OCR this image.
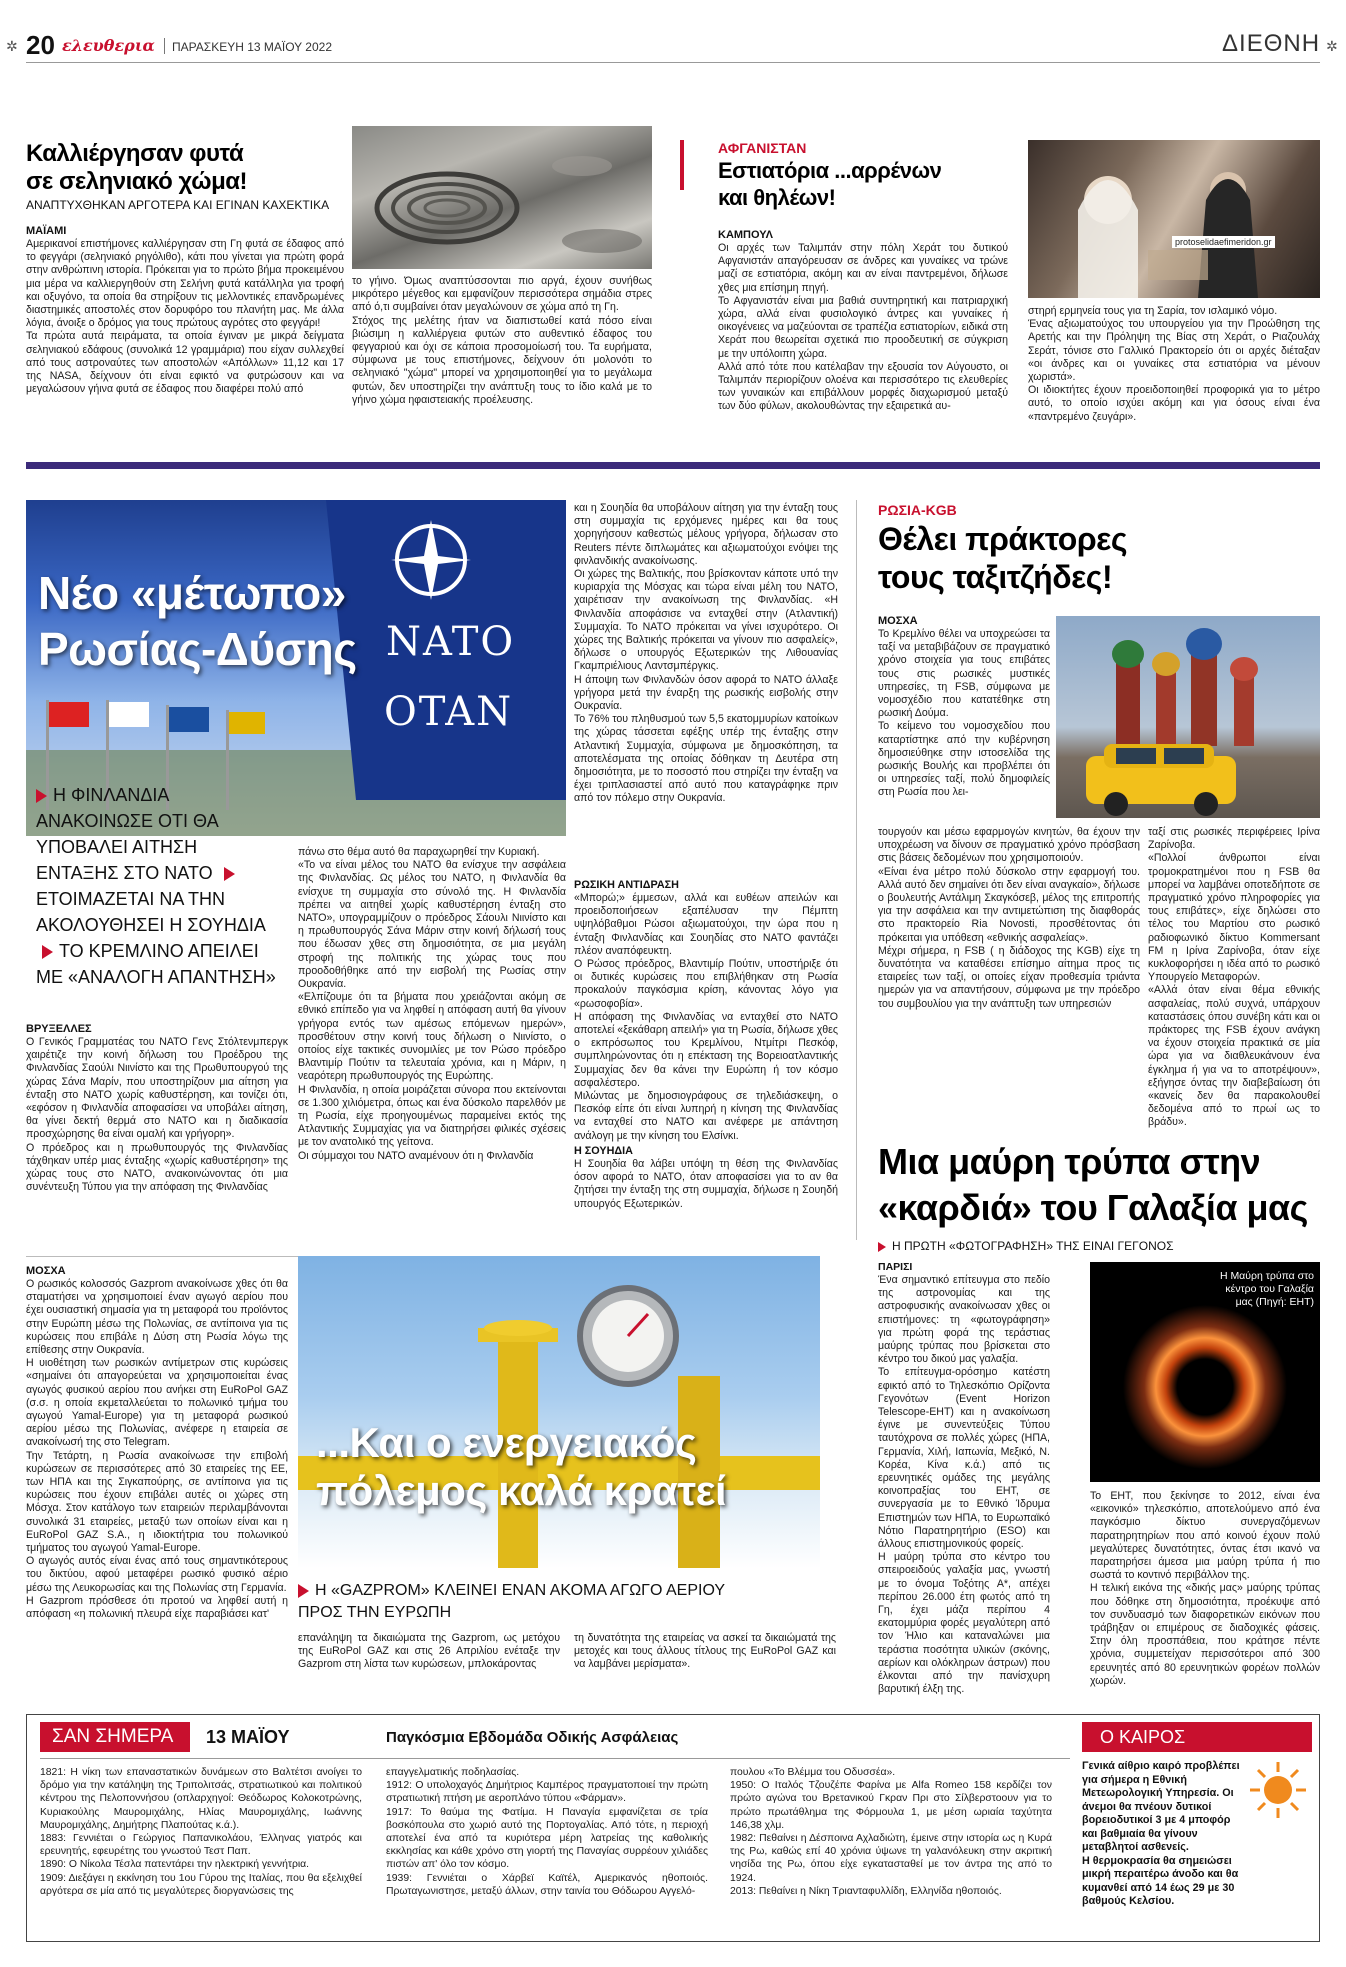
✲	✲
20 ελευθερια ΠΑΡΑΣΚΕΥΗ 13 ΜΑΪΟΥ 2022	ΔΙΕΘΝΗ
Καλλιέργησαν φυτά
σε σεληνιακό χώμα!
ΑΝΑΠΤΥΧΘΗΚΑΝ ΑΡΓΟΤΕΡΑ ΚΑΙ ΕΓΙΝΑΝ ΚΑΧΕΚΤΙΚΑ
ΜΑΪΑΜΙ
Αμερικανοί επιστήμονες καλλιέργησαν στη Γη φυτά σε έδαφος από το φεγγάρι (σεληνιακό ρηγόλιθο), κάτι που γίνεται για πρώτη φορά στην ανθρώπινη ιστορία. Πρόκειται για το πρώτο βήμα προκειμένου μια μέρα να καλλιεργηθούν στη Σελήνη φυτά κατάλληλα για τροφή και οξυγόνο, τα οποία θα στηρίξουν τις μελλοντικές επανδρωμένες διαστημικές αποστολές στον δορυφόρο του πλανήτη μας. Με άλλα λόγια, άνοιξε ο δρόμος για τους πρώτους αγρότες στο φεγγάρι!
Τα πρώτα αυτά πειράματα, τα οποία έγιναν με μικρά δείγματα σεληνιακού εδάφους (συνολικά 12 γραμμάρια) που είχαν συλλεχθεί από τους αστροναύτες των αποστολών «Απόλλων» 11,12 και 17 της NASA, δείχνουν ότι είναι εφικτό να φυτρώσουν και να μεγαλώσουν γήινα φυτά σε έδαφος που διαφέρει πολύ από
το γήινο. Όμως αναπτύσσονται πιο αργά, έχουν συνήθως μικρότερο μέγεθος και εμφανίζουν περισσότερα σημάδια στρες από ό,τι συμβαίνει όταν μεγαλώνουν σε χώμα από τη Γη.
Στόχος της μελέτης ήταν να διαπιστωθεί κατά πόσο είναι βιώσιμη η καλλιέργεια φυτών στο αυθεντικό έδαφος του φεγγαριού και όχι σε κάποια προσομοίωσή του. Τα ευρήματα, σύμφωνα με τους επιστήμονες, δείχνουν ότι μολονότι το σεληνιακό "χώμα" μπορεί να χρησιμοποιηθεί για το μεγάλωμα φυτών, δεν υποστηρίζει την ανάπτυξη τους το ίδιο καλά με το γήινο χώμα ηφαιστειακής προέλευσης.
ΑΦΓΑΝΙΣΤΑΝ
Εστιατόρια ...αρρένων
και θηλέων!
ΚΑΜΠΟΥΛ
Οι αρχές των Ταλιμπάν στην πόλη Χεράτ του δυτικού Αφγανιστάν απαγόρευσαν σε άνδρες και γυναίκες να τρώνε μαζί σε εστιατόρια, ακόμη και αν είναι παντρεμένοι, δήλωσε χθες μια επίσημη πηγή.
Το Αφγανιστάν είναι μια βαθιά συντηρητική και πατριαρχική χώρα, αλλά είναι φυσιολογικό άντρες και γυναίκες ή οικογένειες να μαζεύονται σε τραπέζια εστιατορίων, ειδικά στη Χεράτ που θεωρείται σχετικά πιο προοδευτική σε σύγκριση με την υπόλοιπη χώρα.
Αλλά από τότε που κατέλαβαν την εξουσία τον Αύγουστο, οι Ταλιμπάν περιορίζουν ολοένα και περισσότερο τις ελευθερίες των γυναικών και επιβάλλουν μορφές διαχωρισμού μεταξύ των δύο φύλων, ακολουθώντας την εξαιρετικά αυ-
protoselidaefimeridon.gr
στηρή ερμηνεία τους για τη Σαρία, τον ισλαμικό νόμο.
Ένας αξιωματούχος του υπουργείου για την Προώθηση της Αρετής και την Πρόληψη της Βίας στη Χεράτ, ο Ριαζουλάχ Σεράτ, τόνισε στο Γαλλικό Πρακτορείο ότι οι αρχές διέταξαν «οι άνδρες και οι γυναίκες στα εστιατόρια να μένουν χωριστά».
Οι ιδιοκτήτες έχουν προειδοποιηθεί προφορικά για το μέτρο αυτό, το οποίο ισχύει ακόμη και για όσους είναι ένα «παντρεμένο ζευγάρι».
NATO
OTAN
Νέο «μέτωπο»
Ρωσίας-Δύσης
Η ΦΙΝΛΑΝΔΙΑ ΑΝΑΚΟΙΝΩΣΕ ΟΤΙ ΘΑ ΥΠΟΒΑΛΕΙ ΑΙΤΗΣΗ ΕΝΤΑΞΗΣ ΣΤΟ ΝΑΤΟ ΕΤΟΙΜΑΖΕΤΑΙ ΝΑ ΤΗΝ ΑΚΟΛΟΥΘΗΣΕΙ Η ΣΟΥΗΔΙΑ ΤΟ ΚΡΕΜΛΙΝΟ ΑΠΕΙΛΕΙ ΜΕ «ΑΝΑΛΟΓΗ ΑΠΑΝΤΗΣΗ»
ΒΡΥΞΕΛΛΕΣ
Ο Γενικός Γραμματέας του ΝΑΤΟ Γενς Στόλτενμπεργκ χαιρέτιζε την κοινή δήλωση του Προέδρου της Φινλανδίας Σαούλι Νιινίστο και της Πρωθυπουργού της χώρας Σάνα Μαρίν, που υποστηρίζουν μια αίτηση για ένταξη στο ΝΑΤΟ χωρίς καθυστέρηση, και τονίζει ότι, «εφόσον η Φινλανδία αποφασίσει να υποβάλει αίτηση, θα γίνει δεκτή θερμά στο ΝΑΤΟ και η διαδικασία προσχώρησης θα είναι ομαλή και γρήγορη».
Ο πρόεδρος και η πρωθυπουργός της Φινλανδίας τάχθηκαν υπέρ μιας ένταξης «χωρίς καθυστέρηση» της χώρας τους στο ΝΑΤΟ, ανακοινώνοντας ότι μια συνέντευξη Τύπου για την απόφαση της Φινλανδίας
πάνω στο θέμα αυτό θα παραχωρηθεί την Κυριακή.
«Το να είναι μέλος του ΝΑΤΟ θα ενίσχυε την ασφάλεια της Φινλανδίας. Ως μέλος του ΝΑΤΟ, η Φινλανδία θα ενίσχυε τη συμμαχία στο σύνολό της. Η Φινλανδία πρέπει να αιτηθεί χωρίς καθυστέρηση ένταξη στο ΝΑΤΟ», υπογραμμίζουν ο πρόεδρος Σάουλι Νιινίστο και η πρωθυπουργός Σάνα Μάριν στην κοινή δήλωσή τους που έδωσαν χθες στη δημοσιότητα, σε μια μεγάλη στροφή της πολιτικής της χώρας τους που προοδοθήθηκε από την εισβολή της Ρωσίας στην Ουκρανία.
«Ελπίζουμε ότι τα βήματα που χρειάζονται ακόμη σε εθνικό επίπεδο για να ληφθεί η απόφαση αυτή θα γίνουν γρήγορα εντός των αμέσως επόμενων ημερών», προσθέτουν στην κοινή τους δήλωση ο Νιινίστο, ο οποίος είχε τακτικές συνομιλίες με τον Ρώσο πρόεδρο Βλαντιμίρ Πούτιν τα τελευταία χρόνια, και η Μάριν, η νεαρότερη πρωθυπουργός της Ευρώπης.
Η Φινλανδία, η οποία μοιράζεται σύνορα που εκτείνονται σε 1.300 χιλιόμετρα, όπως και ένα δύσκολο παρελθόν με τη Ρωσία, είχε προηγουμένως παραμείνει εκτός της Ατλαντικής Συμμαχίας για να διατηρήσει φιλικές σχέσεις με τον ανατολικό της γείτονα.
Οι σύμμαχοι του ΝΑΤΟ αναμένουν ότι η Φινλανδία
και η Σουηδία θα υποβάλουν αίτηση για την ένταξη τους στη συμμαχία τις ερχόμενες ημέρες και θα τους χορηγήσουν καθεστώς μέλους γρήγορα, δήλωσαν στο Reuters πέντε διπλωμάτες και αξιωματούχοι ενόψει της φινλανδικής ανακοίνωσης.
Οι χώρες της Βαλτικής, που βρίσκονταν κάποτε υπό την κυριαρχία της Μόσχας και τώρα είναι μέλη του ΝΑΤΟ, χαιρέτισαν την ανακοίνωση της Φινλανδίας. «Η Φινλανδία αποφάσισε να ενταχθεί στην (Ατλαντική) Συμμαχία. Το ΝΑΤΟ πρόκειται να γίνει ισχυρότερο. Οι χώρες της Βαλτικής πρόκειται να γίνουν πιο ασφαλείς», δήλωσε ο υπουργός Εξωτερικών της Λιθουανίας Γκαμπριέλιους Λαντσμπέργκις.
Η άποψη των Φινλανδών όσον αφορά το ΝΑΤΟ άλλαξε γρήγορα μετά την έναρξη της ρωσικής εισβολής στην Ουκρανία.
Το 76% του πληθυσμού των 5,5 εκατομμυρίων κατοίκων της χώρας τάσσεται εφέξης υπέρ της ένταξης στην Ατλαντική Συμμαχία, σύμφωνα με δημοσκόπηση, τα αποτελέσματα της οποίας δόθηκαν τη Δευτέρα στη δημοσιότητα, με το ποσοστό που στηρίζει την ένταξη να έχει τριπλασιαστεί από αυτό που καταγράφηκε πριν από τον πόλεμο στην Ουκρανία.
ΡΩΣΙΚΗ ΑΝΤΙΔΡΑΣΗ
«Μπορώ;» έμμεσων, αλλά και ευθέων απειλών και προειδοποιήσεων εξαπέλυσαν την Πέμπτη υψηλόβαθμοι Ρώσοι αξιωματούχοι, την ώρα που η ένταξη Φινλανδίας και Σουηδίας στο ΝΑΤΟ φαντάζει πλέον αναπόφευκτη.
Ο Ρώσος πρόεδρος, Βλαντιμίρ Πούτιν, υποστήριξε ότι οι δυτικές κυρώσεις που επιβλήθηκαν στη Ρωσία προκαλούν παγκόσμια κρίση, κάνοντας λόγο για «ρωσοφοβία».
Η απόφαση της Φινλανδίας να ενταχθεί στο ΝΑΤΟ αποτελεί «ξεκάθαρη απειλή» για τη Ρωσία, δήλωσε χθες ο εκπρόσωπος του Κρεμλίνου, Ντμίτρι Πεσκόφ, συμπληρώνοντας ότι η επέκταση της Βορειοατλαντικής Συμμαχίας δεν θα κάνει την Ευρώπη ή τον κόσμο ασφαλέστερο.
Μιλώντας με δημοσιογράφους σε τηλεδιάσκεψη, ο Πεσκόφ είπε ότι είναι λυπηρή η κίνηση της Φινλανδίας να ενταχθεί στο ΝΑΤΟ και ανέφερε με απάντηση ανάλογη με την κίνηση του Ελσίνκι.
Η ΣΟΥΗΔΙΑ
Η Σουηδία θα λάβει υπόψη τη θέση της Φινλανδίας όσον αφορά το ΝΑΤΟ, όταν αποφασίσει για το αν θα ζητήσει την ένταξη της στη συμμαχία, δήλωσε η Σουηδή υπουργός Εξωτερικών.
ΡΩΣΙΑ-KGB
Θέλει πράκτορες
τους ταξιτζήδες!
ΜΟΣΧΑ
Το Κρεμλίνο θέλει να υποχρεώσει τα ταξί να μεταβιβάζουν σε πραγματικό χρόνο στοιχεία για τους επιβάτες τους στις ρωσικές μυστικές υπηρεσίες, τη FSB, σύμφωνα με νομοσχέδιο που κατατέθηκε στη ρωσική Δούμα.
Το κείμενο του νομοσχεδίου που καταρτίστηκε από την κυβέρνηση δημοσιεύθηκε στην ιστοσελίδα της ρωσικής Βουλής και προβλέπει ότι οι υπηρεσίες ταξί, πολύ δημοφιλείς στη Ρωσία που λει-
τουργούν και μέσω εφαρμογών κινητών, θα έχουν την υποχρέωση να δίνουν σε πραγματικό χρόνο πρόσβαση στις βάσεις δεδομένων που χρησιμοποιούν.
«Είναι ένα μέτρο πολύ δύσκολο στην εφαρμογή του. Αλλά αυτό δεν σημαίνει ότι δεν είναι αναγκαίο», δήλωσε ο βουλευτής Αντάλιμη Σκαγκόσεβ, μέλος της επιτροπής για την ασφάλεια και την αντιμετώπιση της διαφθοράς στο πρακτορείο Ria Novosti, προσθέτοντας ότι πρόκειται για υπόθεση «εθνικής ασφαλείας».
Μέχρι σήμερα, η FSB ( η διάδοχος της KGB) είχε τη δυνατότητα να καταθέσει επίσημο αίτημα προς τις εταιρείες των ταξί, οι οποίες είχαν προθεσμία τριάντα ημερών για να απαντήσουν, σύμφωνα με την πρόεδρο του συμβουλίου για την ανάπτυξη των υπηρεσιών
ταξί στις ρωσικές περιφέρειες Ιρίνα Ζαρίνοβα.
«Πολλοί άνθρωποι είναι τρομοκρατημένοι που η FSB θα μπορεί να λαμβάνει οποτεδήποτε σε πραγματικό χρόνο πληροφορίες για τους επιβάτες», είχε δηλώσει στο τέλος του Μαρτίου στο ρωσικό ραδιοφωνικό δίκτυο Kommersant FM η Ιρίνα Ζαρίνοβα, όταν είχε κυκλοφορήσει η ιδέα από το ρωσικό Υπουργείο Μεταφορών.
«Αλλά όταν είναι θέμα εθνικής ασφαλείας, πολύ συχνά, υπάρχουν καταστάσεις όπου συνέβη κάτι και οι πράκτορες της FSB έχουν ανάγκη να έχουν στοιχεία πρακτικά σε μία ώρα για να διαθλευκάνουν ένα έγκλημα ή για να το αποτρέψουν», εξήγησε όντας την διαβεβαίωση ότι «κανείς δεν θα παρακολουθεί δεδομένα από το πρωί ως το βράδυ».
Μια μαύρη τρύπα στην
«καρδιά» του Γαλαξία μας
Η ΠΡΩΤΗ «ΦΩΤΟΓΡΑΦΗΣΗ» ΤΗΣ ΕΙΝΑΙ ΓΕΓΟΝΟΣ
ΠΑΡΙΣΙ
Ένα σημαντικό επίτευγμα στο πεδίο της αστρονομίας και της αστροφυσικής ανακοίνωσαν χθες οι επιστήμονες: τη «φωτογράφηση» για πρώτη φορά της τεράστιας μαύρης τρύπας που βρίσκεται στο κέντρο του δικού μας γαλαξία.
Το επίτευγμα-ορόσημο κατέστη εφικτό από το Τηλεσκόπιο Ορίζοντα Γεγονότων (Event Horizon Telescope-EHT) και η ανακοίνωση έγινε με συνεντεύξεις Τύπου ταυτόχρονα σε πολλές χώρες (ΗΠΑ, Γερμανία, Χιλή, Ιαπωνία, Μεξικό, Ν. Κορέα, Κίνα κ.ά.) από τις ερευνητικές ομάδες της μεγάλης κοινοπραξίας του EHT, σε συνεργασία με το Εθνικό Ίδρυμα Επιστημών των ΗΠΑ, το Ευρωπαϊκό Νότιο Παρατηρητήριο (ESO) και άλλους επιστημονικούς φορείς.
Η μαύρη τρύπα στο κέντρο του σπειροειδούς γαλαξία μας, γνωστή με το όνομα Τοξότης Α*, απέχει περίπου 26.000 έτη φωτός από τη Γη, έχει μάζα περίπου 4 εκατομμύρια φορές μεγαλύτερη από τον Ήλιο και καταναλώνει μια τεράστια ποσότητα υλικών (σκόνης, αερίων και ολόκληρων άστρων) που έλκονται από την πανίσχυρη βαρυτική έλξη της.
Η Μαύρη τρύπα στο κέντρο του Γαλαξία μας (Πηγή: EHT)
Το EHT, που ξεκίνησε το 2012, είναι ένα «εικονικό» τηλεσκόπιο, αποτελούμενο από ένα παγκόσμιο δίκτυο συνεργαζόμενων παρατηρητηρίων που από κοινού έχουν πολύ μεγαλύτερες δυνατότητες, όντας έτσι ικανό να παρατηρήσει άμεσα μια μαύρη τρύπα ή πιο σωστά το κοντινό περιβάλλον της.
Η τελική εικόνα της «δικής μας» μαύρης τρύπας που δόθηκε στη δημοσιότητα, προέκυψε από τον συνδυασμό των διαφορετικών εικόνων που τράβηξαν οι επιμέρους σε διαδοχικές φάσεις. Στην όλη προσπάθεια, που κράτησε πέντε χρόνια, συμμετείχαν περισσότεροι από 300 ερευνητές από 80 ερευνητικών φορέων πολλών χωρών.
ΜΟΣΧΑ
Ο ρωσικός κολοσσός Gazprom ανακοίνωσε χθες ότι θα σταματήσει να χρησιμοποιεί έναν αγωγό αερίου που έχει ουσιαστική σημασία για τη μεταφορά του προϊόντος στην Ευρώπη μέσω της Πολωνίας, σε αντίποινα για τις κυρώσεις που επιβάλε η Δύση στη Ρωσία λόγω της επίθεσης στην Ουκρανία.
Η υιοθέτηση των ρωσικών αντίμετρων στις κυρώσεις «σημαίνει ότι απαγορεύεται να χρησιμοποιείται ένας αγωγός φυσικού αερίου που ανήκει στη EuRoPol GAZ (σ.σ. η οποία εκμεταλλεύεται το πολωνικό τμήμα του αγωγού Yamal-Europe) για τη μεταφορά ρωσικού αερίου μέσω της Πολωνίας, ανέφερε η εταιρεία σε ανακοίνωσή της στο Telegram.
Την Τετάρτη, η Ρωσία ανακοίνωσε την επιβολή κυρώσεων σε περισσότερες από 30 εταιρείες της ΕΕ, των ΗΠΑ και της Σιγκαπούρης, σε αντίποινα για τις κυρώσεις που έχουν επιβάλει αυτές οι χώρες στη Μόσχα. Στον κατάλογο των εταιρειών περιλαμβάνονται συνολικά 31 εταιρείες, μεταξύ των οποίων είναι και η EuRoPol GAZ S.A., η ιδιοκτήτρια του πολωνικού τμήματος του αγωγού Yamal-Europe.
Ο αγωγός αυτός είναι ένας από τους σημαντικότερους του δικτύου, αφού μεταφέρει ρωσικό φυσικό αέριο μέσω της Λευκορωσίας και της Πολωνίας στη Γερμανία.
Η Gazprom πρόσθεσε ότι προτού να ληφθεί αυτή η απόφαση «η πολωνική πλευρά είχε παραβιάσει κατ'
...Και ο ενεργειακός
πόλεμος καλά κρατεί
Η «GAZPROM» ΚΛΕΙΝΕΙ ΕΝΑΝ ΑΚΟΜΑ ΑΓΩΓΟ ΑΕΡΙΟΥ ΠΡΟΣ ΤΗΝ ΕΥΡΩΠΗ
επανάληψη τα δικαιώματα της Gazprom, ως μετόχου της EuRoPol GAZ και στις 26 Απριλίου ενέταξε την Gazprom στη λίστα των κυρώσεων, μπλοκάροντας
τη δυνατότητα της εταιρείας να ασκεί τα δικαιώματά της μετοχές και τους άλλους τίτλους της EuRoPol GAZ και να λαμβάνει μερίσματα».
ΣΑΝ ΣΗΜΕΡΑ 13 ΜΑΪΟΥ	Παγκόσμια Εβδομάδα Οδικής Ασφάλειας
1821: Η νίκη των επαναστατικών δυνάμεων στο Βαλτέτσι ανοίγει το δρόμο για την κατάληψη της Τριπολιτσάς, στρατιωτικού και πολιτικού κέντρου της Πελοποννήσου (οπλαρχηγοί: Θεόδωρος Κολοκοτρώνης, Κυριακούλης Μαυρομιχάλης, Ηλίας Μαυρομιχάλης, Ιωάννης Μαυρομιχάλης, Δημήτρης Πλαπούτας κ.ά.).
1883: Γεννιέται ο Γεώργιος Παπανικολάου, Έλληνας γιατρός και ερευνητής, εφευρέτης του γνωστού Τεστ Παπ.
1890: Ο Νίκολα Τέσλα πατεντάρει την ηλεκτρική γεννήτρια.
1909: Διεξάγει η εκκίνηση του 1ου Γύρου της Ιταλίας, που θα εξελιχθεί αργότερα σε μία από τις μεγαλύτερες διοργανώσεις της
επαγγελματικής ποδηλασίας.
1912: Ο υπολοχαγός Δημήτριος Καμπέρος πραγματοποιεί την πρώτη στρατιωτική πτήση με αεροπλάνο τύπου «Φάρμαν».
1917: Το θαύμα της Φατίμα. Η Παναγία εμφανίζεται σε τρία βοσκόπουλα στο χωριό αυτό της Πορτογαλίας. Από τότε, η περιοχή αποτελεί ένα από τα κυριότερα μέρη λατρείας της καθολικής εκκλησίας και κάθε χρόνο στη γιορτή της Παναγίας συρρέουν χιλιάδες πιστών απ' όλο τον κόσμο.
1939: Γεννιέται ο Χάρβεϊ Καϊτέλ, Αμερικανός ηθοποιός. Πρωταγωνιστησε, μεταξύ άλλων, στην ταινία του Θόδωρου Αγγελό-
πουλου «Το Βλέμμα του Οδυσσέα».
1950: Ο Ιταλός Τζουζέπε Φαρίνα με Alfa Romeo 158 κερδίζει τον πρώτο αγώνα του Βρετανικού Γκραν Πρι στο Σίλβερστοουν για το πρώτο πρωτάθλημα της Φόρμουλα 1, με μέση ωριαία ταχύτητα 146,38 χλμ.
1982: Πεθαίνει η Δέσποινα Αχλαδιώτη, έμεινε στην ιστορία ως η Κυρά της Ρω, καθώς επί 40 χρόνια ύψωνε τη γαλανόλευκη στην ακριτική νησίδα της Ρω, όπου είχε εγκατασταθεί με τον άντρα της από το 1924.
2013: Πεθαίνει η Νίκη Τριανταφυλλίδη, Ελληνίδα ηθοποιός.
Ο ΚΑΙΡΟΣ
Γενικά αίθριο καιρό προβλέπει για σήμερα η Εθνική Μετεωρολογική Υπηρεσία. Οι άνεμοι θα πνέουν δυτικοί βορειοδυτικοί 3 με 4 μποφόρ και βαθμιαία θα γίνουν μεταβλητοί ασθενείς.
Η θερμοκρασία θα σημειώσει μικρή περαιτέρω άνοδο και θα κυμανθεί από 14 έως 29 με 30 βαθμούς Κελσίου.
